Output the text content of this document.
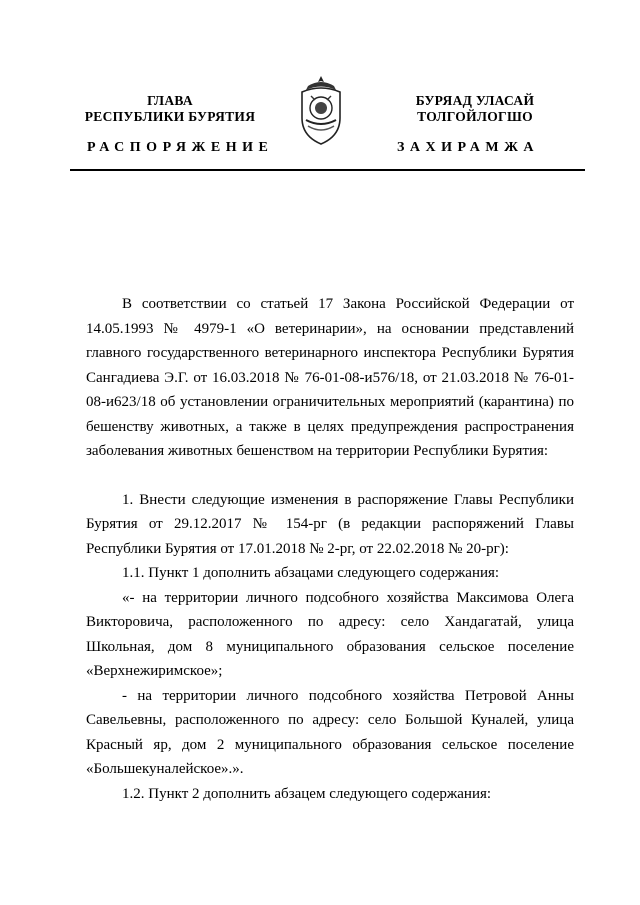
ГЛАВА
РЕСПУБЛИКИ БУРЯТИЯ
БУРЯАД УЛАСАЙ
ТОЛГОЙЛОГШО
РАСПОРЯЖЕНИЕ	ЗАХИРАМЖА

В соответствии со статьей 17 Закона Российской Федерации от 14.05.1993 № 4979-1 «О ветеринарии», на основании представлений главного государственного ветеринарного инспектора Республики Бурятия Сангадиева Э.Г. от 16.03.2018 № 76-01-08-и576/18, от 21.03.2018 № 76-01-08-и623/18 об установлении ограничительных мероприятий (карантина) по бешенству животных, а также в целях предупреждения распространения заболевания животных бешенством на территории Республики Бурятия:

1. Внести следующие изменения в распоряжение Главы Республики Бурятия от 29.12.2017 № 154-рг (в редакции распоряжений Главы Республики Бурятия от 17.01.2018 № 2-рг, от 22.02.2018 № 20-рг):

1.1. Пункт 1 дополнить абзацами следующего содержания:

«- на территории личного подсобного хозяйства Максимова Олега Викторовича, расположенного по адресу: село Хандагатай, улица Школьная, дом 8 муниципального образования сельское поселение «Верхнежиримское»;

- на территории личного подсобного хозяйства Петровой Анны Савельевны, расположенного по адресу: село Большой Куналей, улица Красный яр, дом 2 муниципального образования сельское поселение «Большекуналейское».».

1.2. Пункт 2 дополнить абзацем следующего содержания:
